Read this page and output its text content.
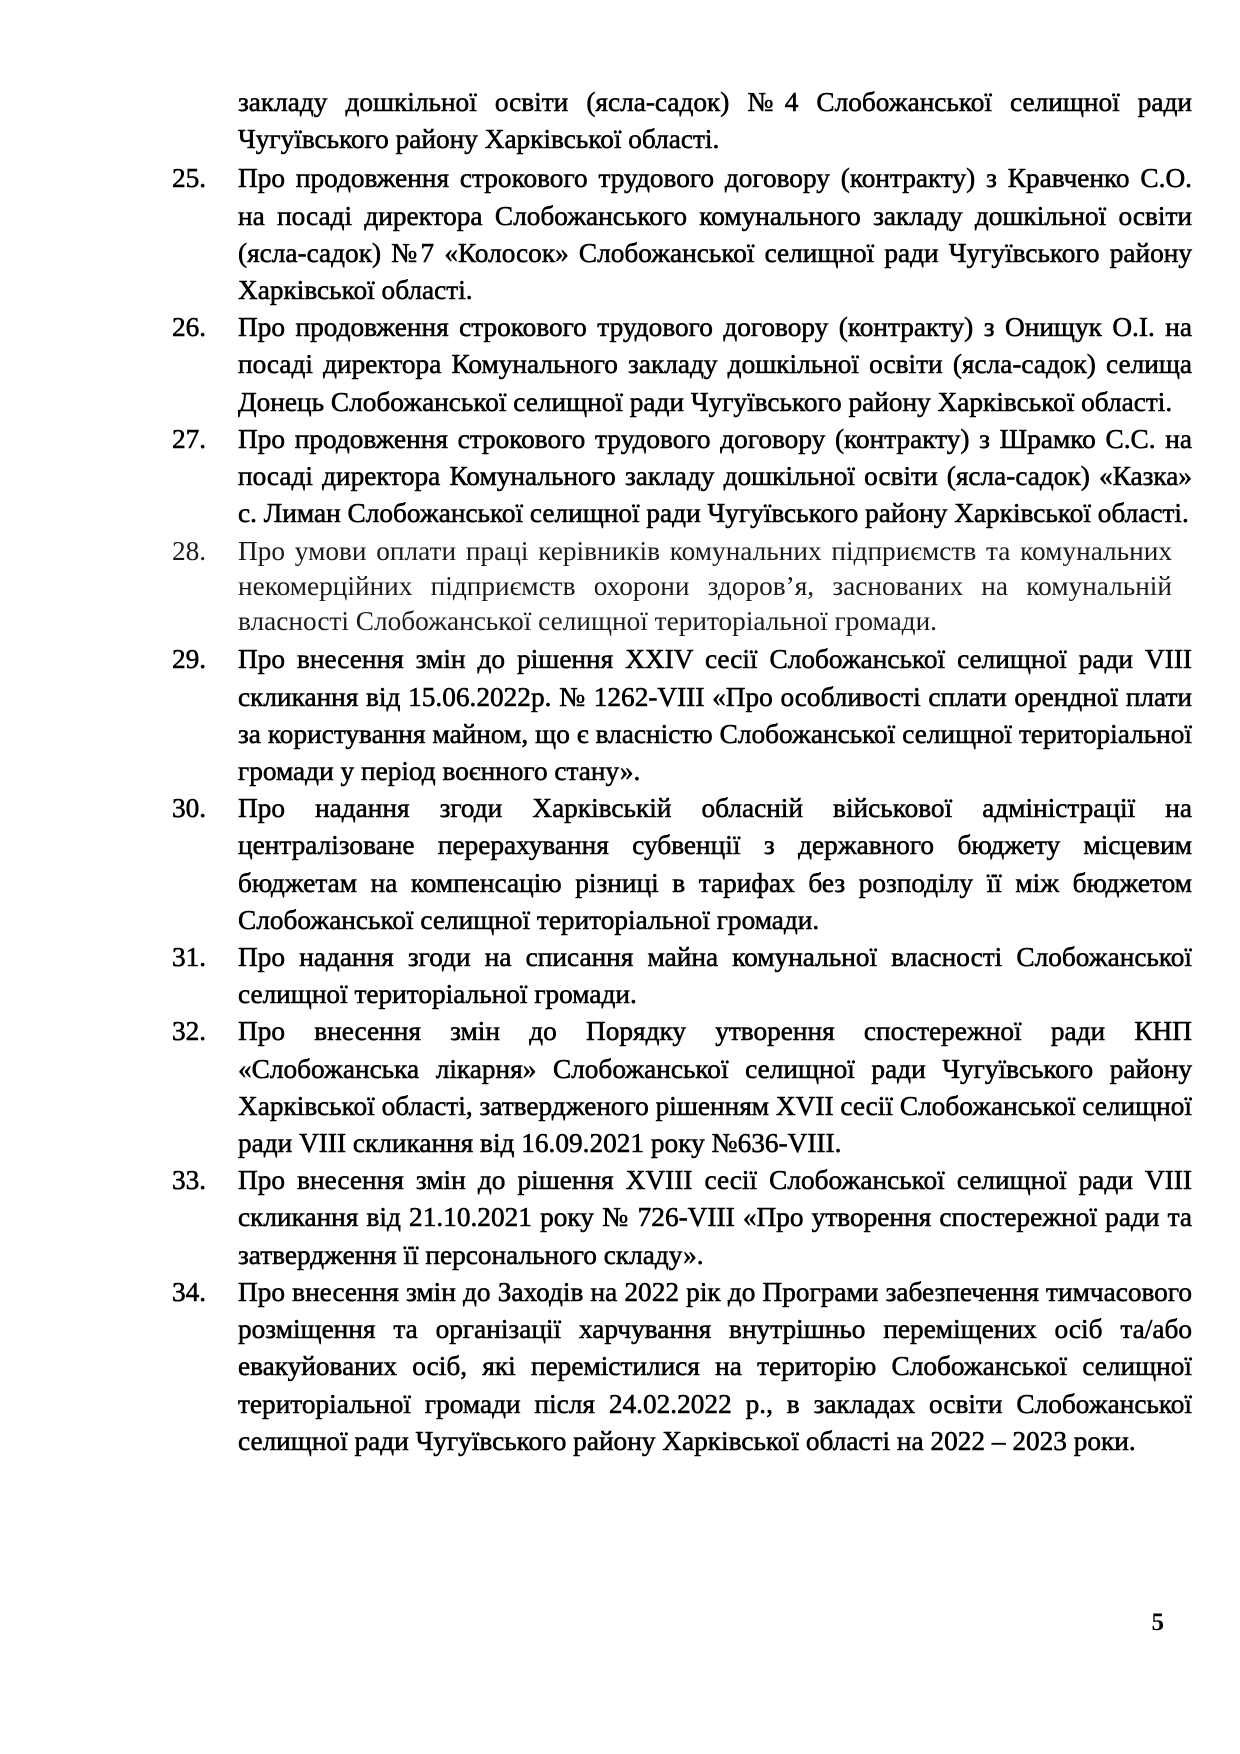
закладу дошкільної освіти (ясла-садок) №4 Слобожанської селищної ради Чугуївського району Харківської області.

25.	Про продовження строкового трудового договору (контракту) з Кравченко С.О. на посаді директора Слобожанського комунального закладу дошкільної освіти (ясла-садок) №7 «Колосок» Слобожанської селищної ради Чугуївського району Харківської області.

26.	Про продовження строкового трудового договору (контракту) з Онищук О.І. на посаді директора Комунального закладу дошкільної освіти (ясла-садок) селища Донець Слобожанської селищної ради Чугуївського району Харківської області.

27.	Про продовження строкового трудового договору (контракту) з Шрамко С.С. на посаді директора Комунального закладу дошкільної освіти (ясла-садок) «Казка» с. Лиман Слобожанської селищної ради Чугуївського району Харківської області.

28.	Про умови оплати праці керівників комунальних підприємств та комунальних некомерційних підприємств охорони здоров’я, заснованих на комунальній власності Слобожанської селищної територіальної громади.

29.	Про внесення змін до рішення XXIV сесії Слобожанської селищної ради VIII скликання від 15.06.2022р. № 1262-VIII «Про особливості сплати орендної плати за користування майном, що є власністю Слобожанської селищної територіальної громади у період воєнного стану».

30.	Про надання згоди Харківській обласній військової адміністрації на централізоване перерахування субвенції з державного бюджету місцевим бюджетам на компенсацію різниці в тарифах без розподілу її між бюджетом Слобожанської селищної територіальної громади.

31.	Про надання згоди на списання майна комунальної власності Слобожанської селищної територіальної громади.

32.	Про внесення змін до Порядку утворення спостережної ради КНП «Слобожанська лікарня» Слобожанської селищної ради Чугуївського району Харківської області, затвердженого рішенням XVII сесії Слобожанської селищної ради VIII скликання від 16.09.2021 року №636-VIII.

33.	Про внесення змін до рішення XVIII сесії Слобожанської селищної ради VIII скликання від 21.10.2021 року № 726-VIII «Про утворення спостережної ради та затвердження її персонального складу».

34.	Про внесення змін до Заходів на 2022 рік до Програми забезпечення тимчасового розміщення та організації харчування внутрішньо переміщених осіб та/або евакуйованих осіб, які перемістилися на територію Слобожанської селищної територіальної громади після 24.02.2022 р., в закладах освіти Слобожанської селищної ради Чугуївського району Харківської області на 2022 – 2023 роки.

5
